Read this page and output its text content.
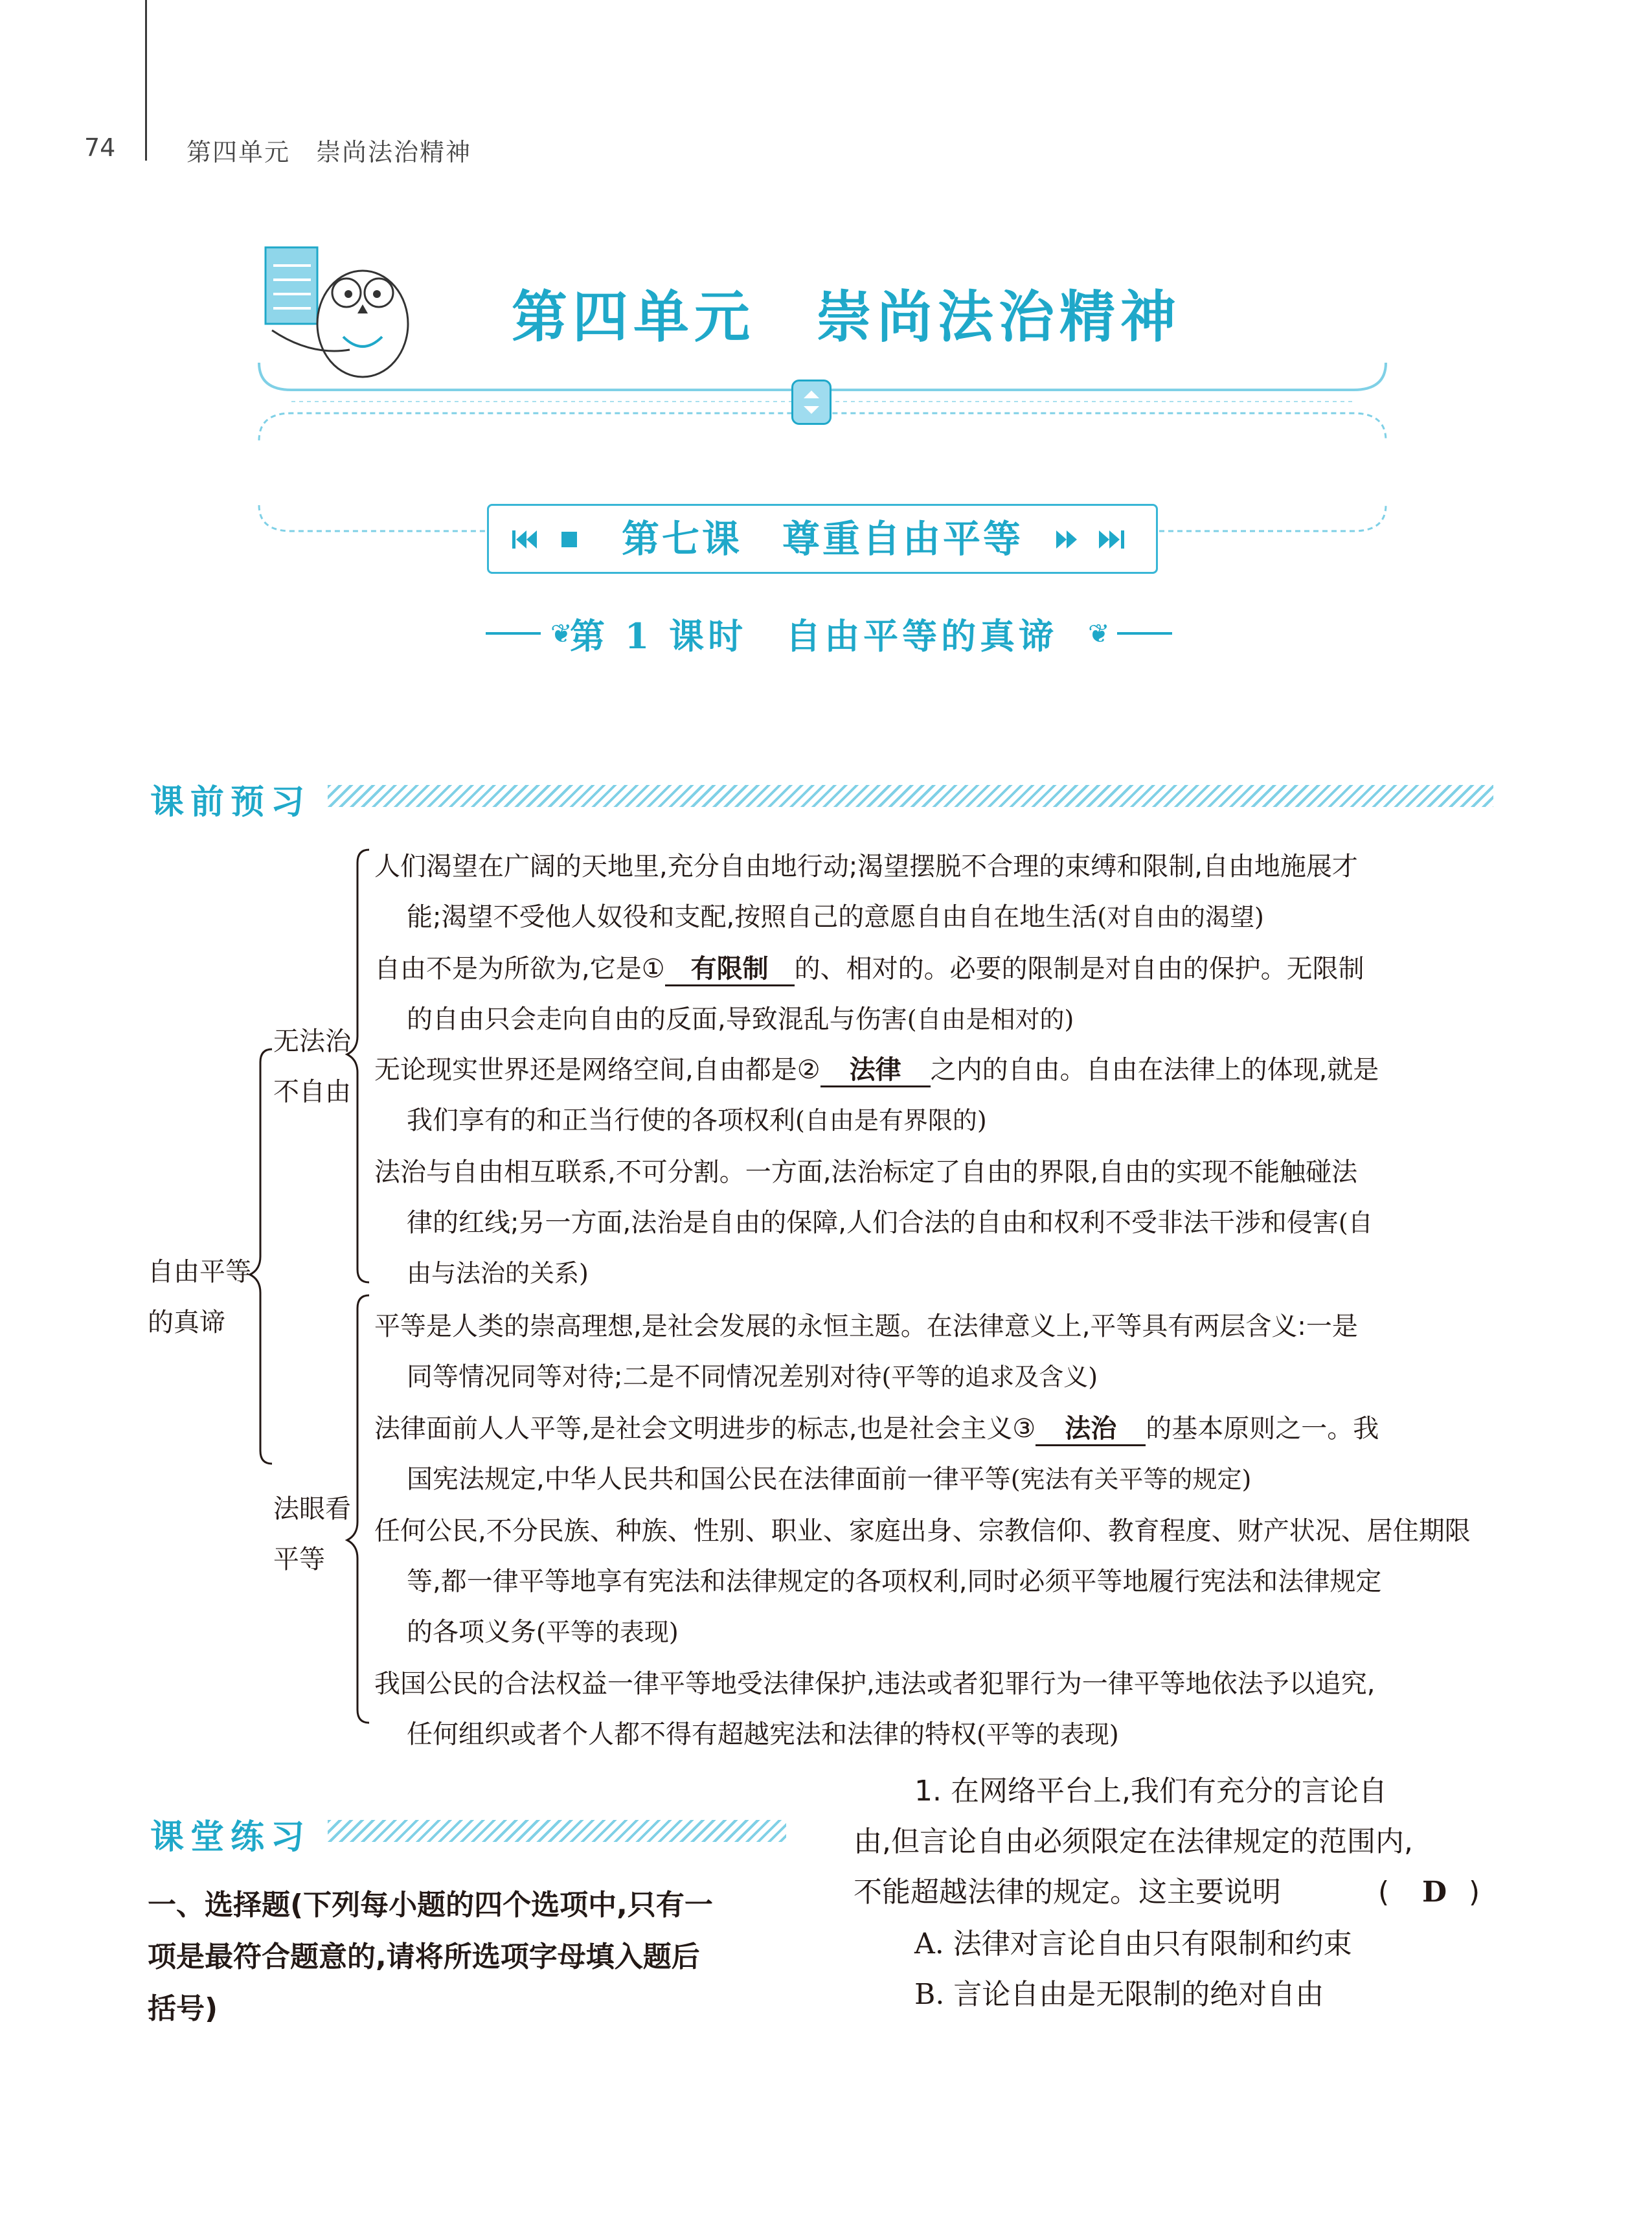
74	第四单元　崇尚法治精神
❦	❦
第四单元　崇尚法治精神
第七课　尊重自由平等
第 1 课时　自由平等的真谛
课前预习
自由平等
的真谛
无法治
不自由
法眼看
平等
人们渴望在广阔的天地里,充分自由地行动;渴望摆脱不合理的束缚和限制,自由地施展才
能;渴望不受他人奴役和支配,按照自己的意愿自由自在地生活(对自由的渴望)
自由不是为所欲为,它是① 有限制 的、相对的。必要的限制是对自由的保护。无限制
的自由只会走向自由的反面,导致混乱与伤害(自由是相对的)
无论现实世界还是网络空间,自由都是② 法律 之内的自由。自由在法律上的体现,就是
我们享有的和正当行使的各项权利(自由是有界限的)
法治与自由相互联系,不可分割。一方面,法治标定了自由的界限,自由的实现不能触碰法
律的红线;另一方面,法治是自由的保障,人们合法的自由和权利不受非法干涉和侵害(自
由与法治的关系)
平等是人类的崇高理想,是社会发展的永恒主题。在法律意义上,平等具有两层含义:一是
同等情况同等对待;二是不同情况差别对待(平等的追求及含义)
法律面前人人平等,是社会文明进步的标志,也是社会主义③ 法治 的基本原则之一。我
国宪法规定,中华人民共和国公民在法律面前一律平等(宪法有关平等的规定)
任何公民,不分民族、种族、性别、职业、家庭出身、宗教信仰、教育程度、财产状况、居住期限
等,都一律平等地享有宪法和法律规定的各项权利,同时必须平等地履行宪法和法律规定
的各项义务(平等的表现)
我国公民的合法权益一律平等地受法律保护,违法或者犯罪行为一律平等地依法予以追究,
任何组织或者个人都不得有超越宪法和法律的特权(平等的表现)
课堂练习
一、选择题(下列每小题的四个选项中,只有一
项是最符合题意的,请将所选项字母填入题后
括号)
1. 在网络平台上,我们有充分的言论自
由,但言论自由必须限定在法律规定的范围内,
不能超越法律的规定。这主要说明	( D )
A. 法律对言论自由只有限制和约束
B. 言论自由是无限制的绝对自由
